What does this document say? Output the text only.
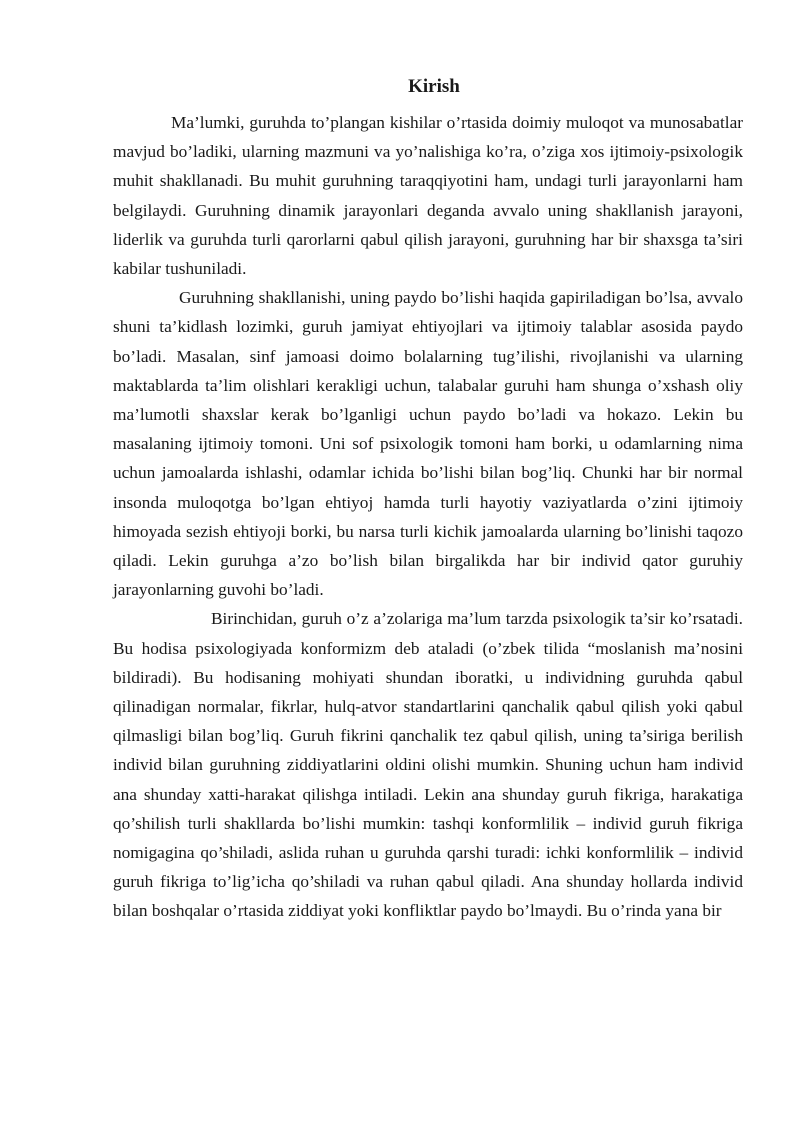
Kirish

Ma’lumki, guruhda to’plangan kishilar o’rtasida doimiy muloqot va munosabatlar mavjud bo’ladiki, ularning mazmuni va yo’nalishiga ko’ra, o’ziga xos ijtimoiy-psixologik muhit shakllanadi. Bu muhit guruhning taraqqiyotini ham, undagi turli jarayonlarni ham belgilaydi. Guruhning dinamik jarayonlari deganda avvalo uning shakllanish jarayoni, liderlik va guruhda turli qarorlarni qabul qilish jarayoni, guruhning har bir shaxsga ta’siri kabilar tushuniladi.

Guruhning shakllanishi, uning paydo bo’lishi haqida gapiriladigan bo’lsa, avvalo shuni ta’kidlash lozimki, guruh jamiyat ehtiyojlari va ijtimoiy talablar asosida paydo bo’ladi. Masalan, sinf jamoasi doimo bolalarning tug’ilishi, rivojlanishi va ularning maktablarda ta’lim olishlari kerakligi uchun, talabalar guruhi ham shunga o’xshash oliy ma’lumotli shaxslar kerak bo’lganligi uchun paydo bo’ladi va hokazo. Lekin bu masalaning ijtimoiy tomoni. Uni sof psixologik tomoni ham borki, u odamlarning nima uchun jamoalarda ishlashi, odamlar ichida bo’lishi bilan bog’liq. Chunki har bir normal insonda muloqotga bo’lgan ehtiyoj hamda turli hayotiy vaziyatlarda o’zini ijtimoiy himoyada sezish ehtiyoji borki, bu narsa turli kichik jamoalarda ularning bo’linishi taqozo qiladi. Lekin guruhga a’zo bo’lish bilan birgalikda har bir individ qator guruhiy jarayonlarning guvohi bo’ladi.

Birinchidan, guruh o’z a’zolariga ma’lum tarzda psixologik ta’sir ko’rsatadi. Bu hodisa psixologiyada konformizm deb ataladi (o’zbek tilida “moslanish ma’nosini bildiradi). Bu hodisaning mohiyati shundan iboratki, u individning guruhda qabul qilinadigan normalar, fikrlar, hulq-atvor standartlarini qanchalik qabul qilish yoki qabul qilmasligi bilan bog’liq. Guruh fikrini qanchalik tez qabul qilish, uning ta’siriga berilish individ bilan guruhning ziddiyatlarini oldini olishi mumkin. Shuning uchun ham individ ana shunday xatti-harakat qilishga intiladi. Lekin ana shunday guruh fikriga, harakatiga qo’shilish turli shakllarda bo’lishi mumkin: tashqi konformlilik – individ guruh fikriga nomigagina qo’shiladi, aslida ruhan u guruhda qarshi turadi: ichki konformlilik – individ guruh fikriga to’lig’icha qo’shiladi va ruhan qabul qiladi. Ana shunday hollarda individ bilan boshqalar o’rtasida ziddiyat yoki konfliktlar paydo bo’lmaydi. Bu o’rinda yana bir
